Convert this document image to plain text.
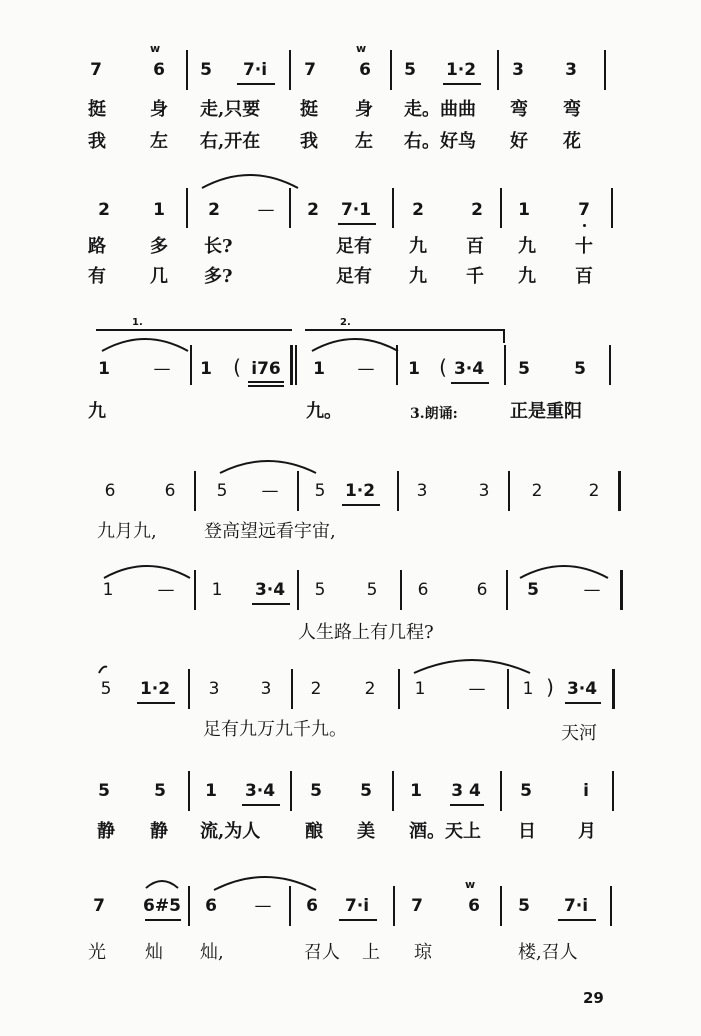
7	6
w
5	7·i	7	6
w
5	1·2	3	3
挺 身 走,只要 挺 身 走。曲曲 弯 弯
我 左 右,开在 我 左 右。好鸟 好 花
2	1	2	—	2	7·1	2	2	1	7
路 多 长?	足有 九 百 九 十
有 几 多?	足有 九 千 九 百
1.	2.
1	—	1	( i76	1	—	1 ( 3·4	5	5
九	九。	3.朗诵:	正是重阳
6	6	5	—	5	1·2	3	3	2	2
九月九,	登高望远看宇宙,
1	—	1	3·4	5	5	6	6	5	—
人生路上有几程?
5	1·2	3	3	2	2	1	—	1 ) 3·4
足有九万九千九。	天河
5	5	1	3·4	5	5	1	3 4	5	i
静 静 流,为人 酿 美 酒。天上 日 月
w
7	6#5	6	—	6	7·i	7	6	5	7·i
光 灿 灿,	召人 上 琼	楼,召人
29
